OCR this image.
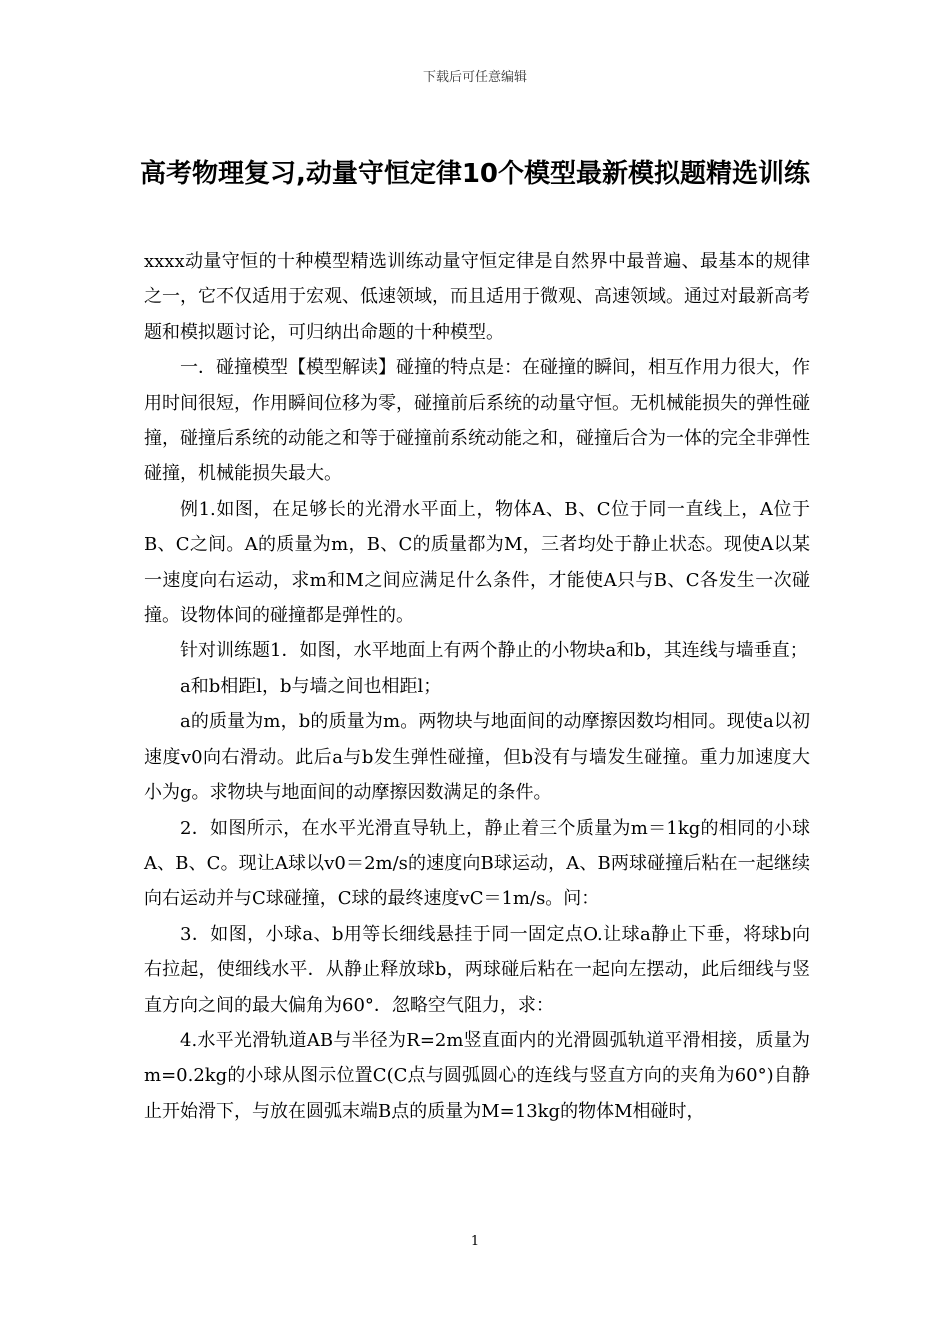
下载后可任意编辑
高考物理复习,动量守恒定律10个模型最新模拟题精选训练

xxxx动量守恒的十种模型精选训练动量守恒定律是自然界中最普遍、最基本的规律之一，它不仅适用于宏观、低速领域，而且适用于微观、高速领域。通过对最新高考题和模拟题讨论，可归纳出命题的十种模型。

一．碰撞模型【模型解读】碰撞的特点是：在碰撞的瞬间，相互作用力很大，作用时间很短，作用瞬间位移为零，碰撞前后系统的动量守恒。无机械能损失的弹性碰撞，碰撞后系统的动能之和等于碰撞前系统动能之和，碰撞后合为一体的完全非弹性碰撞，机械能损失最大。

例1.如图，在足够长的光滑水平面上，物体A、B、C位于同一直线上，A位于B、C之间。A的质量为m，B、C的质量都为M，三者均处于静止状态。现使A以某一速度向右运动，求m和M之间应满足什么条件，才能使A只与B、C各发生一次碰撞。设物体间的碰撞都是弹性的。

针对训练题1．如图，水平地面上有两个静止的小物块a和b，其连线与墙垂直；

a和b相距l，b与墙之间也相距l；

a的质量为m，b的质量为m。两物块与地面间的动摩擦因数均相同。现使a以初速度v0向右滑动。此后a与b发生弹性碰撞，但b没有与墙发生碰撞。重力加速度大小为g。求物块与地面间的动摩擦因数满足的条件。

2．如图所示，在水平光滑直导轨上，静止着三个质量为m＝1kg的相同的小球A、B、C。现让A球以v0＝2m/s的速度向B球运动，A、B两球碰撞后粘在一起继续向右运动并与C球碰撞，C球的最终速度vC＝1m/s。问：

3．如图，小球a、b用等长细线悬挂于同一固定点O.让球a静止下垂，将球b向右拉起，使细线水平．从静止释放球b，两球碰后粘在一起向左摆动，此后细线与竖直方向之间的最大偏角为60°．忽略空气阻力，求：

4.水平光滑轨道AB与半径为R=2m竖直面内的光滑圆弧轨道平滑相接，质量为m=0.2kg的小球从图示位置C(C点与圆弧圆心的连线与竖直方向的夹角为60°)自静止开始滑下，与放在圆弧末端B点的质量为M=13kg的物体M相碰时，

1
